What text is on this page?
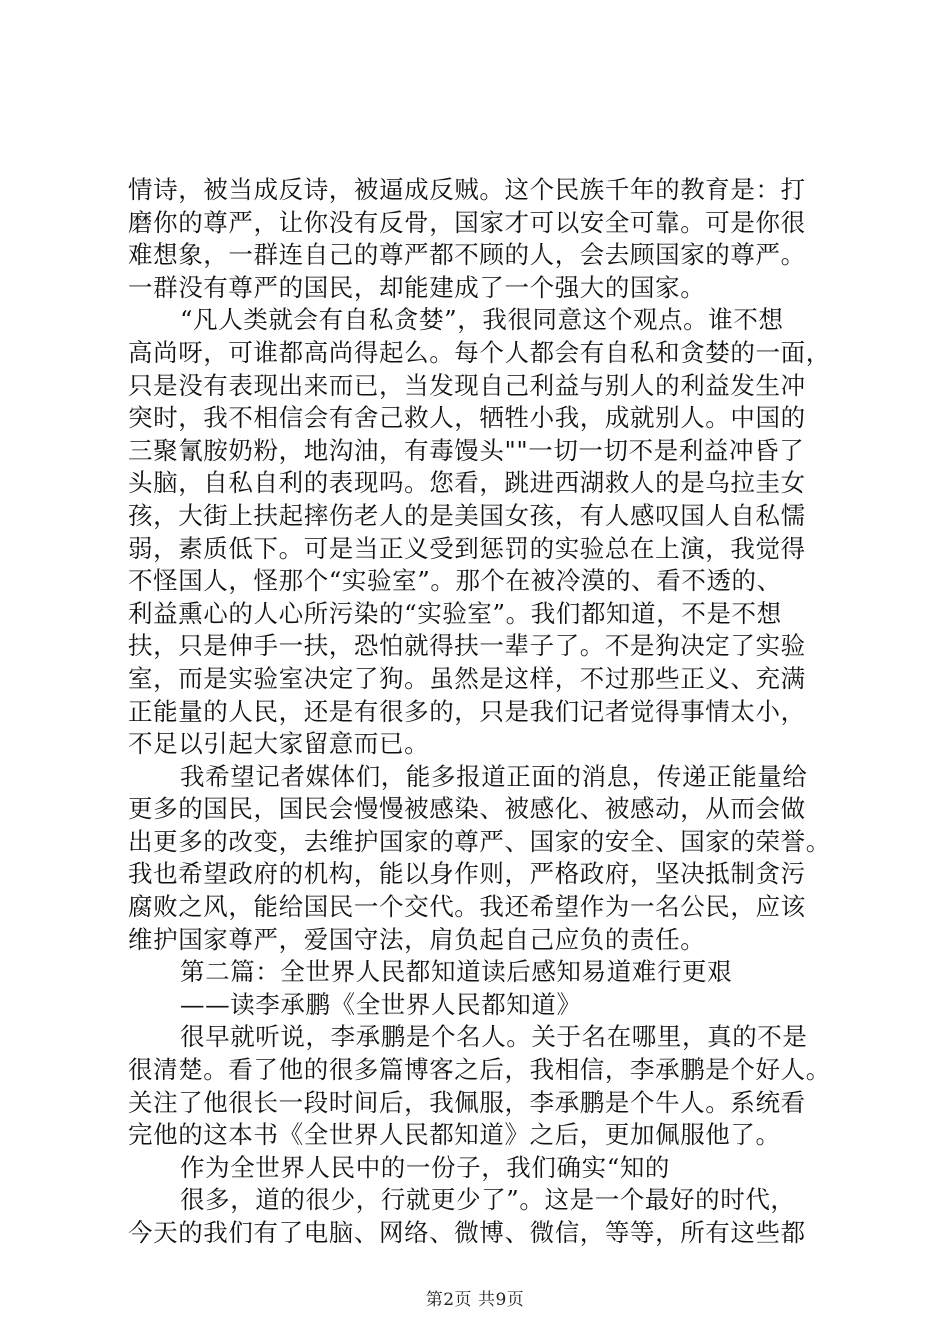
情诗，被当成反诗，被逼成反贼。这个民族千年的教育是：打
磨你的尊严，让你没有反骨，国家才可以安全可靠。可是你很
难想象，一群连自己的尊严都不顾的人，会去顾国家的尊严。
一群没有尊严的国民，却能建成了一个强大的国家。
“凡人类就会有自私贪婪”，我很同意这个观点。谁不想
高尚呀，可谁都高尚得起么。每个人都会有自私和贪婪的一面，
只是没有表现出来而已，当发现自己利益与别人的利益发生冲
突时，我不相信会有舍己救人，牺牲小我，成就别人。中国的
三聚氰胺奶粉，地沟油，有毒馒头""一切一切不是利益冲昏了
头脑，自私自利的表现吗。您看，跳进西湖救人的是乌拉圭女
孩，大街上扶起摔伤老人的是美国女孩，有人感叹国人自私懦
弱，素质低下。可是当正义受到惩罚的实验总在上演，我觉得
不怪国人，怪那个“实验室”。那个在被冷漠的、看不透的、
利益熏心的人心所污染的“实验室”。我们都知道，不是不想
扶，只是伸手一扶，恐怕就得扶一辈子了。不是狗决定了实验
室，而是实验室决定了狗。虽然是这样，不过那些正义、充满
正能量的人民，还是有很多的，只是我们记者觉得事情太小，
不足以引起大家留意而已。
我希望记者媒体们，能多报道正面的消息，传递正能量给
更多的国民，国民会慢慢被感染、被感化、被感动，从而会做
出更多的改变，去维护国家的尊严、国家的安全、国家的荣誉。
我也希望政府的机构，能以身作则，严格政府，坚决抵制贪污
腐败之风，能给国民一个交代。我还希望作为一名公民，应该
维护国家尊严，爱国守法，肩负起自己应负的责任。
第二篇：全世界人民都知道读后感知易道难行更艰
——读李承鹏《全世界人民都知道》
很早就听说，李承鹏是个名人。关于名在哪里，真的不是
很清楚。看了他的很多篇博客之后，我相信，李承鹏是个好人。
关注了他很长一段时间后，我佩服，李承鹏是个牛人。系统看
完他的这本书《全世界人民都知道》之后，更加佩服他了。
作为全世界人民中的一份子，我们确实“知的
很多，道的很少，行就更少了”。这是一个最好的时代，
今天的我们有了电脑、网络、微博、微信，等等，所有这些都
第2页 共9页
